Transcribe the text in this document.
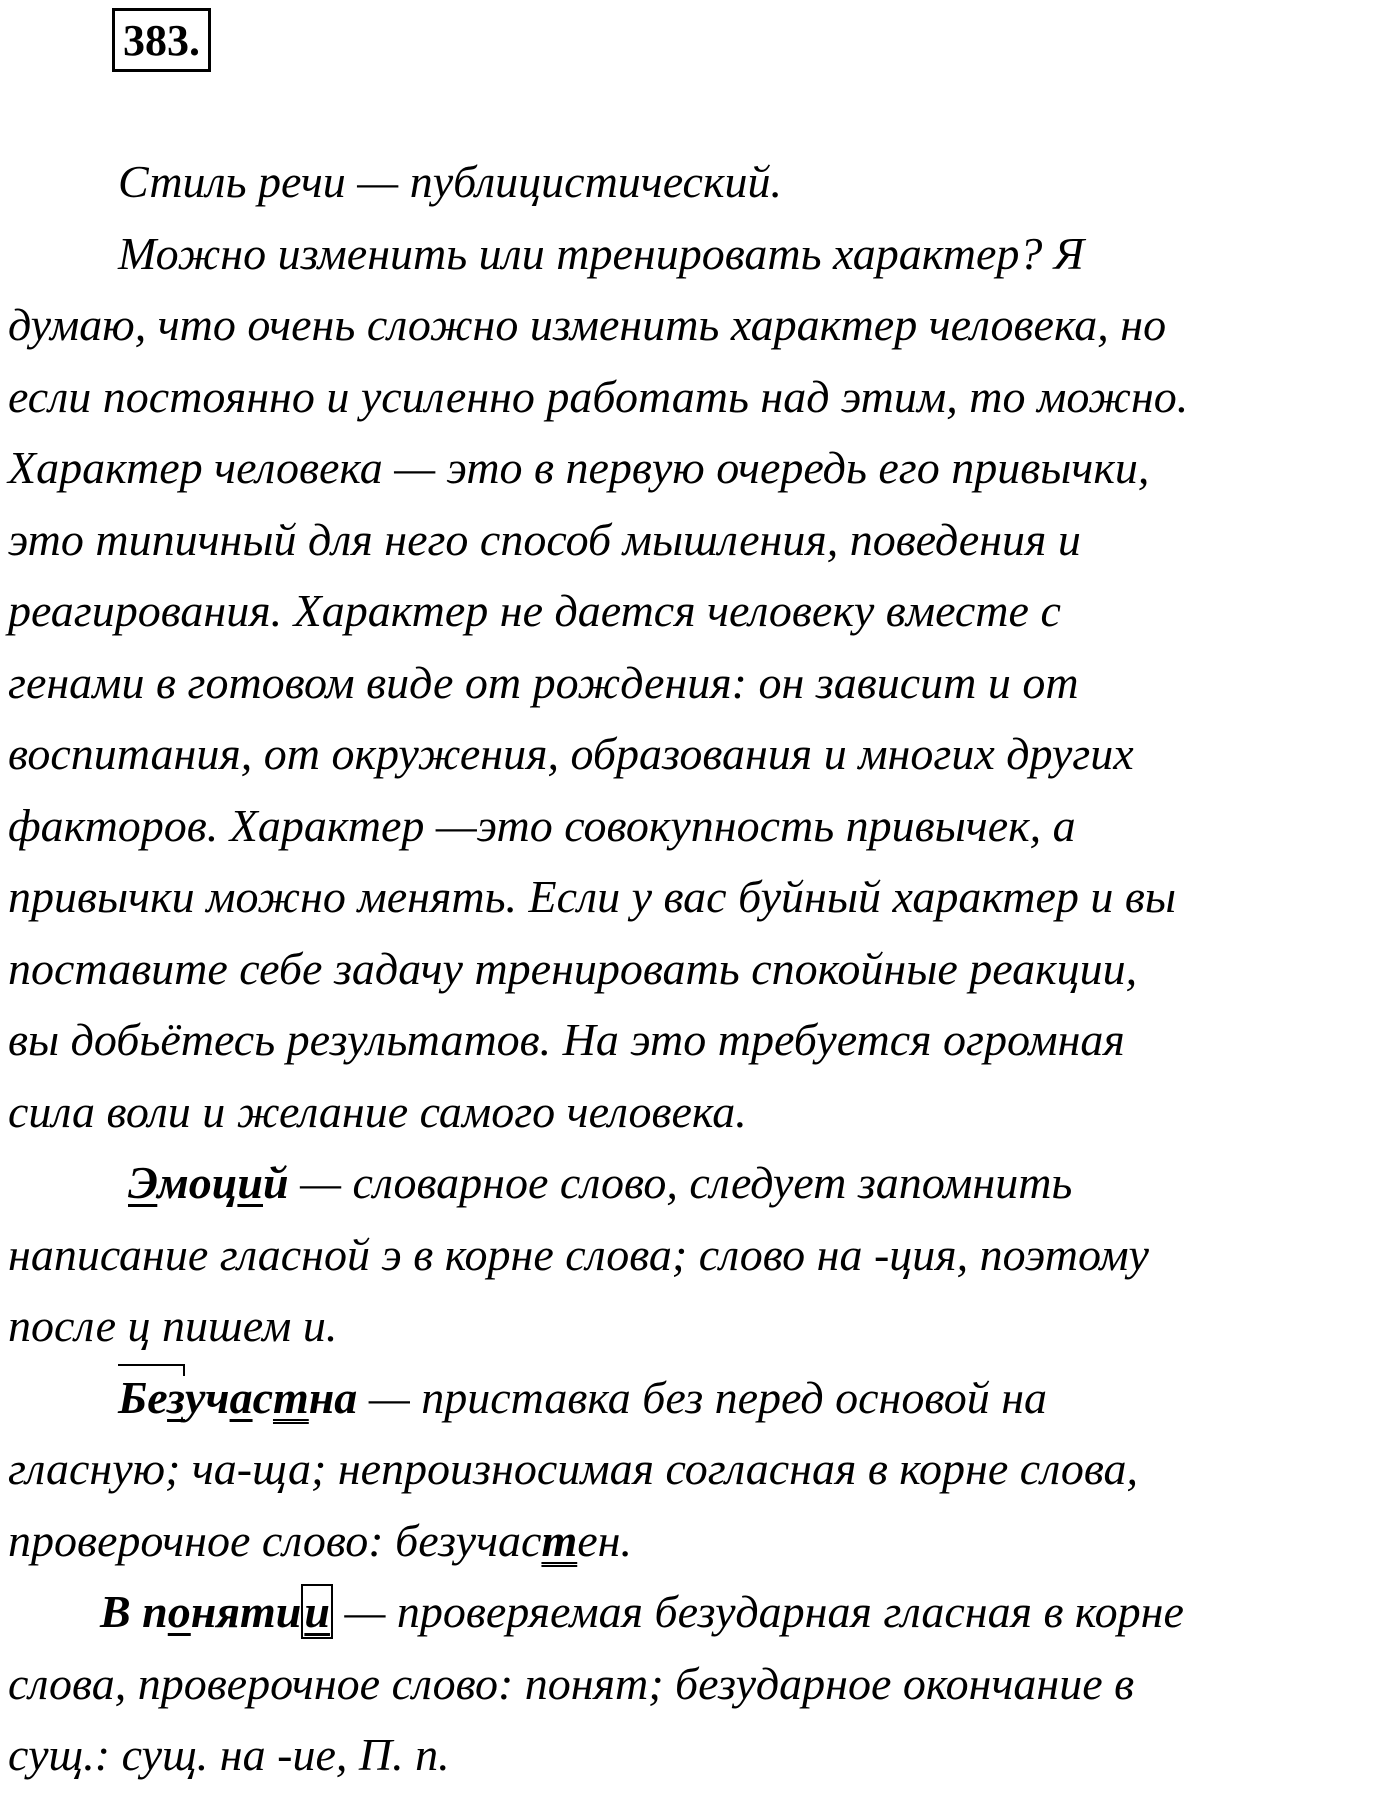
383.
Стиль речи — публицистический.
Можно изменить или тренировать характер? Я
думаю, что очень сложно изменить характер человека, но
если постоянно и усиленно работать над этим, то можно.
Характер человека — это в первую очередь его привычки,
это типичный для него способ мышления, поведения и
реагирования. Характер не дается человеку вместе с
генами в готовом виде от рождения: он зависит и от
воспитания, от окружения, образования и многих других
факторов. Характер —это совокупность привычек, а
привычки можно менять. Если у вас буйный характер и вы
поставите себе задачу тренировать спокойные реакции,
вы добьётесь результатов. На это требуется огромная
сила воли и желание самого человека.
Эмоций — словарное слово, следует запомнить
написание гласной э в корне слова; слово на -ция, поэтому
после ц пишем и.
Безучастна — приставка без перед основой на
гласную; ча-ща; непроизносимая согласная в корне слова,
проверочное слово: безучастен.
В понятии — проверяемая безударная гласная в корне
слова, проверочное слово: понят; безударное окончание в
сущ.: сущ. на -ие, П. п.
